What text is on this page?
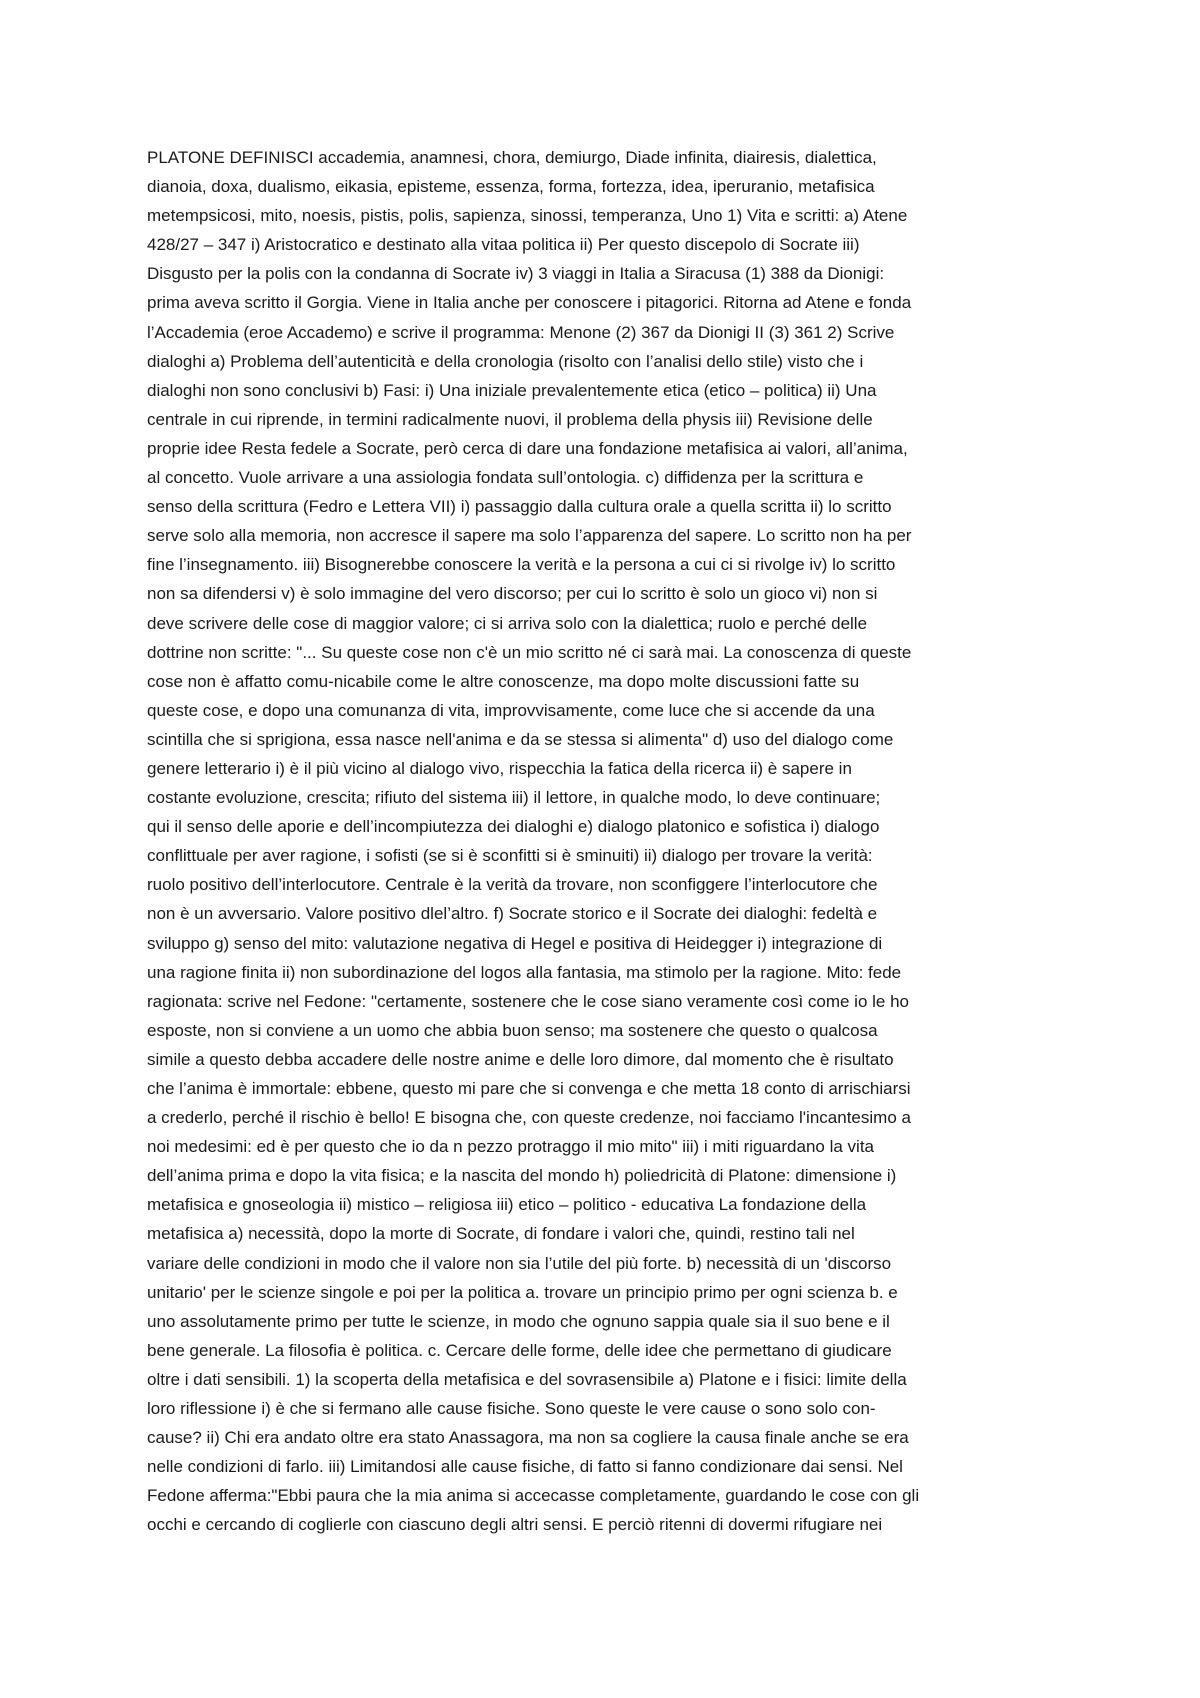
PLATONE DEFINISCI accademia, anamnesi, chora, demiurgo, Diade infinita, diairesis, dialettica,
dianoia, doxa, dualismo, eikasia, episteme, essenza, forma, fortezza, idea, iperuranio, metafisica
metempsicosi, mito, noesis, pistis, polis, sapienza, sinossi, temperanza, Uno 1) Vita e scritti: a) Atene
428/27 – 347 i) Aristocratico e destinato alla vitaa politica ii) Per questo discepolo di Socrate iii)
Disgusto per la polis con la condanna di Socrate iv) 3 viaggi in Italia a Siracusa (1) 388 da Dionigi:
prima aveva scritto il Gorgia. Viene in Italia anche per conoscere i pitagorici. Ritorna ad Atene e fonda
l’Accademia (eroe Accademo) e scrive il programma: Menone (2) 367 da Dionigi II (3) 361 2) Scrive
dialoghi a) Problema dell’autenticità e della cronologia (risolto con l’analisi dello stile) visto che i
dialoghi non sono conclusivi b) Fasi: i) Una iniziale prevalentemente etica (etico – politica) ii) Una
centrale in cui riprende, in termini radicalmente nuovi, il problema della physis iii) Revisione delle
proprie idee Resta fedele a Socrate, però cerca di dare una fondazione metafisica ai valori, all’anima,
al concetto. Vuole arrivare a una assiologia fondata sull’ontologia. c) diffidenza per la scrittura e
senso della scrittura (Fedro e Lettera VII) i) passaggio dalla cultura orale a quella scritta ii) lo scritto
serve solo alla memoria, non accresce il sapere ma solo l’apparenza del sapere. Lo scritto non ha per
fine l’insegnamento. iii) Bisognerebbe conoscere la verità e la persona a cui ci si rivolge iv) lo scritto
non sa difendersi v) è solo immagine del vero discorso; per cui lo scritto è solo un gioco vi) non si
deve scrivere delle cose di maggior valore; ci si arriva solo con la dialettica; ruolo e perché delle
dottrine non scritte: "... Su queste cose non c'è un mio scritto né ci sarà mai. La conoscenza di queste
cose non è affatto comu-nicabile come le altre conoscenze, ma dopo molte discussioni fatte su
queste cose, e dopo una comunanza di vita, improvvisamente, come luce che si accende da una
scintilla che si sprigiona, essa nasce nell'anima e da se stessa si alimenta" d) uso del dialogo come
genere letterario i) è il più vicino al dialogo vivo, rispecchia la fatica della ricerca ii) è sapere in
costante evoluzione, crescita; rifiuto del sistema iii) il lettore, in qualche modo, lo deve continuare;
qui il senso delle aporie e dell’incompiutezza dei dialoghi e) dialogo platonico e sofistica i) dialogo
conflittuale per aver ragione, i sofisti (se si è sconfitti si è sminuiti) ii) dialogo per trovare la verità:
ruolo positivo dell’interlocutore. Centrale è la verità da trovare, non sconfiggere l’interlocutore che
non è un avversario. Valore positivo dlel’altro. f) Socrate storico e il Socrate dei dialoghi: fedeltà e
sviluppo g) senso del mito: valutazione negativa di Hegel e positiva di Heidegger i) integrazione di
una ragione finita ii) non subordinazione del logos alla fantasia, ma stimolo per la ragione. Mito: fede
ragionata: scrive nel Fedone: "certamente, sostenere che le cose siano veramente così come io le ho
esposte, non si conviene a un uomo che abbia buon senso; ma sostenere che questo o qualcosa
simile a questo debba accadere delle nostre anime e delle loro dimore, dal momento che è risultato
che l’anima è immortale: ebbene, questo mi pare che si convenga e che metta 18 conto di arrischiarsi
a crederlo, perché il rischio è bello! E bisogna che, con queste credenze, noi facciamo l'incantesimo a
noi medesimi: ed è per questo che io da n pezzo protraggo il mio mito" iii) i miti riguardano la vita
dell’anima prima e dopo la vita fisica; e la nascita del mondo h) poliedricità di Platone: dimensione i)
metafisica e gnoseologia ii) mistico – religiosa iii) etico – politico - educativa La fondazione della
metafisica a) necessità, dopo la morte di Socrate, di fondare i valori che, quindi, restino tali nel
variare delle condizioni in modo che il valore non sia l’utile del più forte. b) necessità di un 'discorso
unitario' per le scienze singole e poi per la politica a. trovare un principio primo per ogni scienza b. e
uno assolutamente primo per tutte le scienze, in modo che ognuno sappia quale sia il suo bene e il
bene generale. La filosofia è politica. c. Cercare delle forme, delle idee che permettano di giudicare
oltre i dati sensibili. 1) la scoperta della metafisica e del sovrasensibile a) Platone e i fisici: limite della
loro riflessione i) è che si fermano alle cause fisiche. Sono queste le vere cause o sono solo con-
cause? ii) Chi era andato oltre era stato Anassagora, ma non sa cogliere la causa finale anche se era
nelle condizioni di farlo. iii) Limitandosi alle cause fisiche, di fatto si fanno condizionare dai sensi. Nel
Fedone afferma:"Ebbi paura che la mia anima si accecasse completamente, guardando le cose con gli
occhi e cercando di coglierle con ciascuno degli altri sensi. E perciò ritenni di dovermi rifugiare nei
